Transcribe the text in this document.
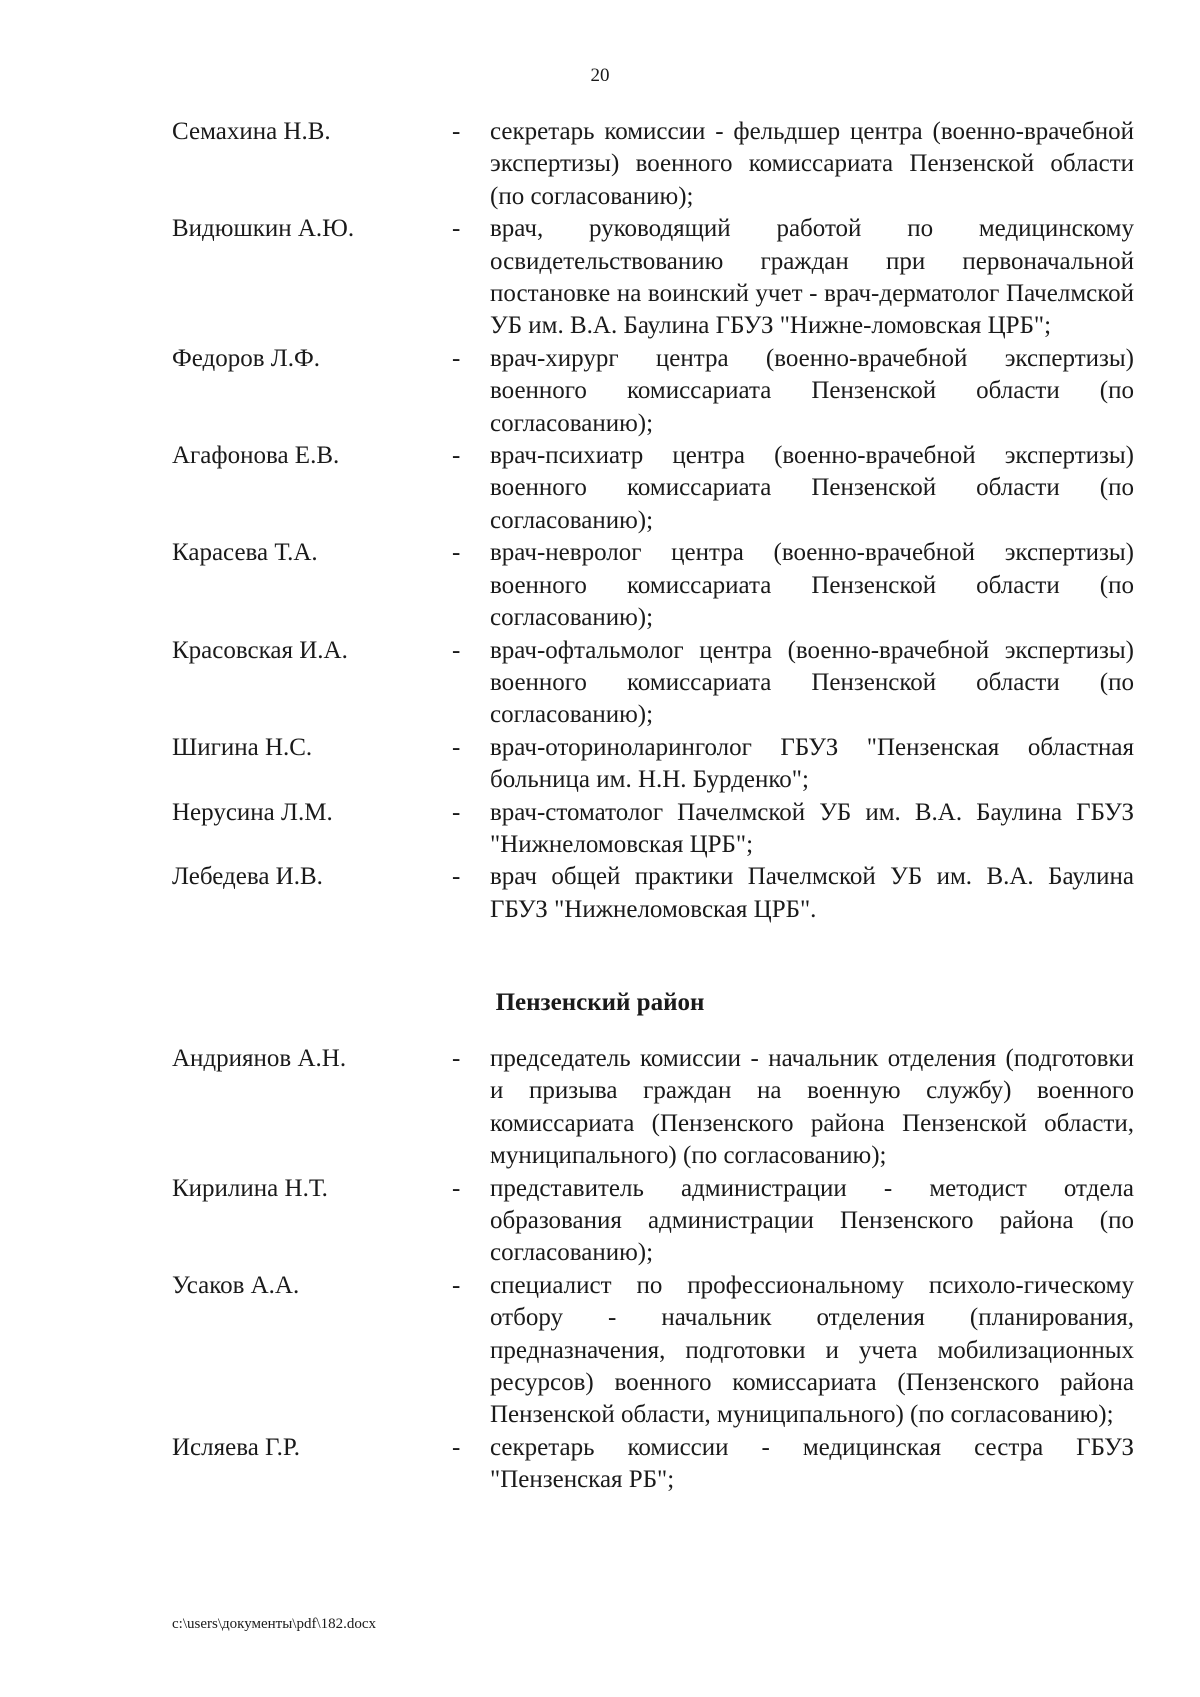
20
Семахина Н.В.	- секретарь комиссии - фельдшер центра (военно-врачебной экспертизы) военного комиссариата Пензенской области (по согласованию);
Видюшкин А.Ю.	- врач, руководящий работой по медицинскому освидетельствованию граждан при первоначальной постановке на воинский учет - врач-дерматолог Пачелмской УБ им. В.А. Баулина ГБУЗ "Нижне-ломовская ЦРБ";
Федоров Л.Ф.	- врач-хирург центра (военно-врачебной экспертизы) военного комиссариата Пензенской области (по согласованию);
Агафонова Е.В.	- врач-психиатр центра (военно-врачебной экспертизы) военного комиссариата Пензенской области (по согласованию);
Карасева Т.А.	- врач-невролог центра (военно-врачебной экспертизы) военного комиссариата Пензенской области (по согласованию);
Красовская И.А.	- врач-офтальмолог центра (военно-врачебной экспертизы) военного комиссариата Пензенской области (по согласованию);
Шигина Н.С.	- врач-оториноларинголог ГБУЗ "Пензенская областная больница им. Н.Н. Бурденко";
Нерусина Л.М.	- врач-стоматолог Пачелмской УБ им. В.А. Баулина ГБУЗ "Нижнеломовская ЦРБ";
Лебедева И.В.	- врач общей практики Пачелмской УБ им. В.А. Баулина ГБУЗ "Нижнеломовская ЦРБ".
Пензенский район
Андриянов А.Н.	- председатель комиссии - начальник отделения (подготовки и призыва граждан на военную службу) военного комиссариата (Пензенского района Пензенской области, муниципального) (по согласованию);
Кирилина Н.Т.	- представитель администрации - методист отдела образования администрации Пензенского района (по согласованию);
Усаков А.А.	- специалист по профессиональному психоло-гическому отбору - начальник отделения (планирования, предназначения, подготовки и учета мобилизационных ресурсов) военного комиссариата (Пензенского района Пензенской области, муниципального) (по согласованию);
Исляева Г.Р.	- секретарь комиссии - медицинская сестра ГБУЗ "Пензенская РБ";
c:\users\документы\pdf\182.docx
